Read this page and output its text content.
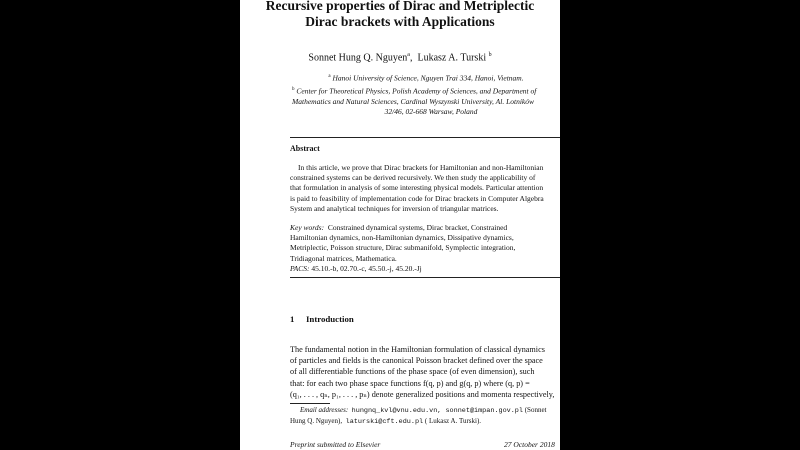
Recursive properties of Dirac and Metriplectic
Dirac brackets with Applications
Sonnet Hung Q. Nguyen$^a$,  Lukasz A. Turski $^b$
$^a$ Hanoi University of Science, Nguyen Trai 334, Hanoi, Vietnam.
$^b$ Center for Theoretical Physics, Polish Academy of Sciences, and Department of
Mathematics and Natural Sciences, Cardinal Wyszynski University, Al. Lotników
32/46, 02-668 Warsaw, Poland
Abstract
In this article, we prove that Dirac brackets for Hamiltonian and non-Hamiltonian
constrained systems can be derived recursively. We then study the applicability of
that formulation in analysis of some interesting physical models. Particular attention
is paid to feasibility of implementation code for Dirac brackets in Computer Algebra
System and analytical techniques for inversion of triangular matrices.
Key words: Constrained dynamical systems, Dirac bracket, Constrained
Hamiltonian dynamics, non-Hamiltonian dynamics, Dissipative dynamics,
Metriplectic, Poisson structure, Dirac submanifold, Symplectic integration,
Tridiagonal matrices, Mathematica.
PACS: 45.10.-b, 02.70.-c, 45.50.-j, 45.20.-Jj
1 Introduction
The fundamental notion in the Hamiltonian formulation of classical dynamics
of particles and fields is the canonical Poisson bracket defined over the space
of all differentiable functions of the phase space (of even dimension), such
that: for each two phase space functions f(q, p) and g(q, p) where (q, p) =
(q₁, . . . , qₙ, p₁, . . . , pₙ) denote generalized positions and momenta respectively,
Email addresses: hungnq_kvl@vnu.edu.vn, sonnet@impan.gov.pl (Sonnet
Hung Q. Nguyen), laturski@cft.edu.pl ( Lukasz A. Turski).
Preprint submitted to Elsevier	27 October 2018
